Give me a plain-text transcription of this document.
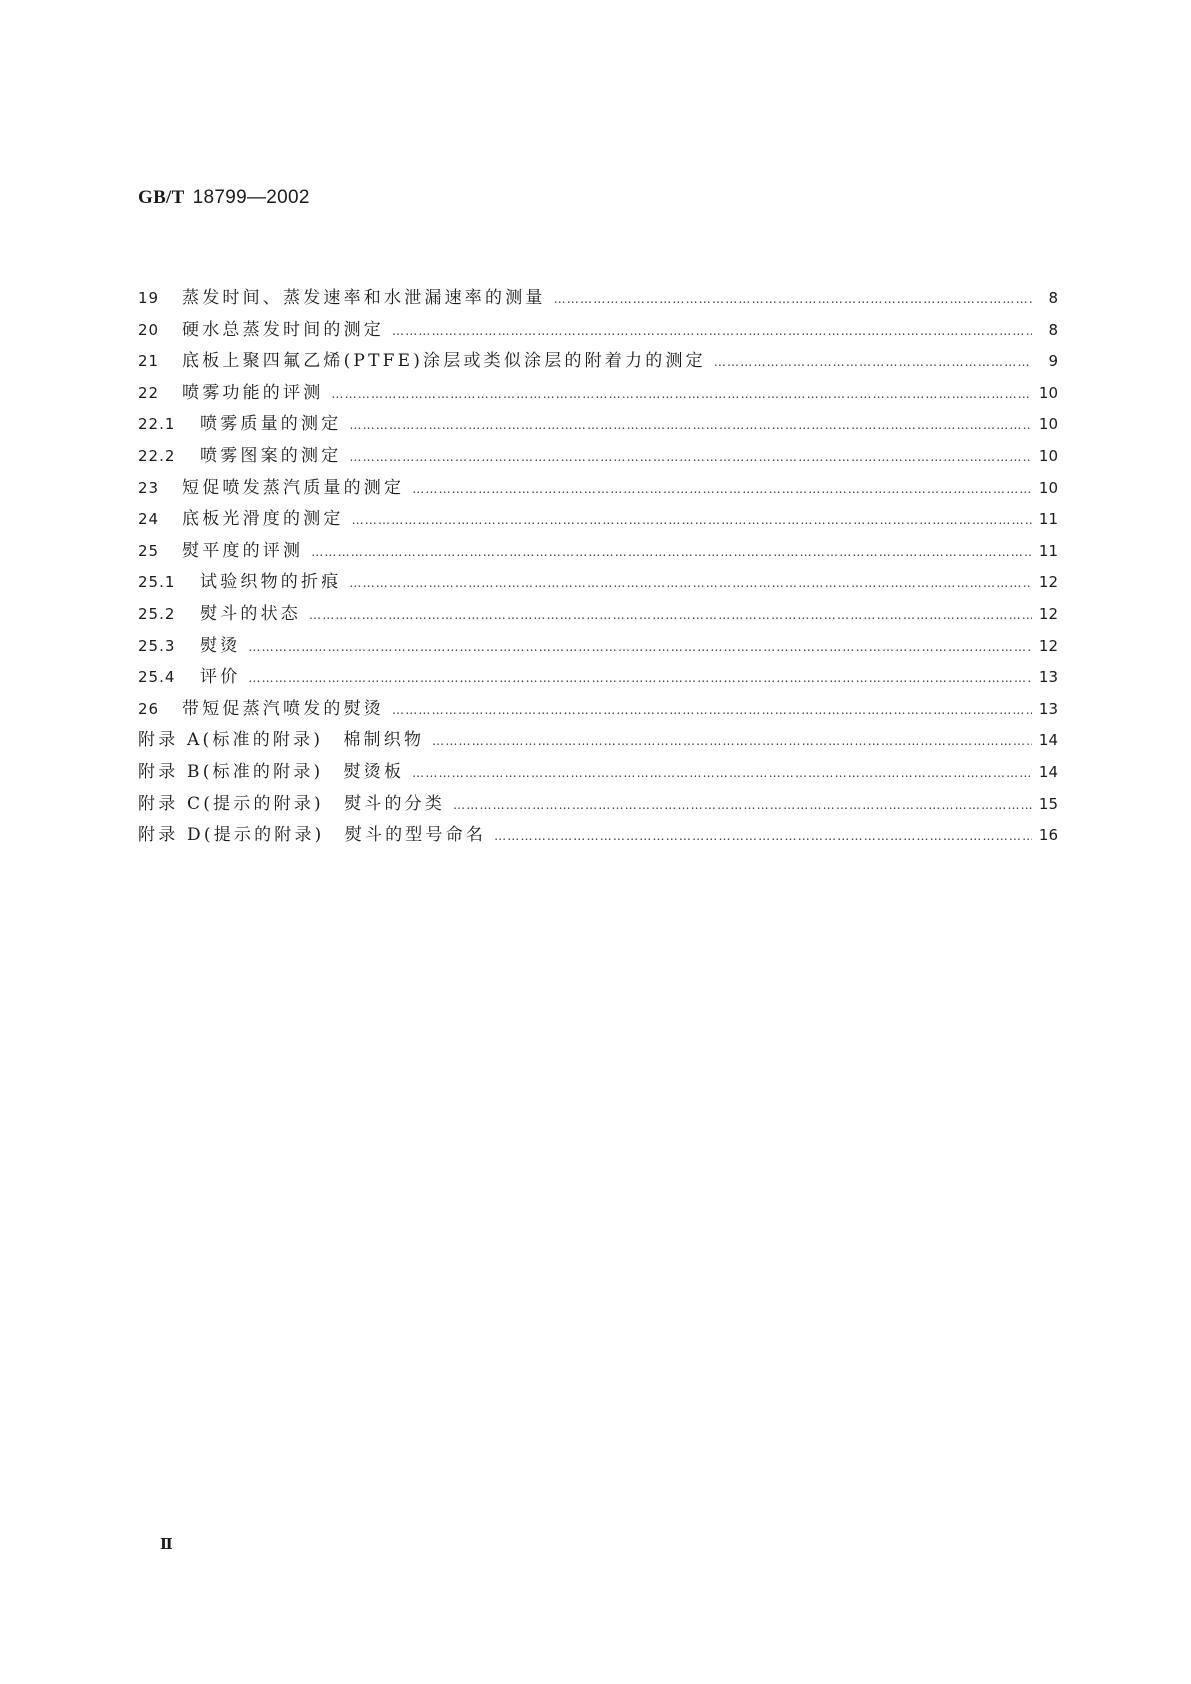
GB/T 18799—2002
19	蒸发时间、蒸发速率和水泄漏速率的测量 …………………………………………………………………………………………………………………………………………………………………………………………………………	8
20	硬水总蒸发时间的测定 …………………………………………………………………………………………………………………………………………………………………………………………………………	8
21	底板上聚四氟乙烯(PTFE)涂层或类似涂层的附着力的测定 …………………………………………………………………………………………………………………………………………………………………………………………………………	9
22	喷雾功能的评测 …………………………………………………………………………………………………………………………………………………………………………………………………………	10
22.1	喷雾质量的测定 …………………………………………………………………………………………………………………………………………………………………………………………………………	10
22.2	喷雾图案的测定 …………………………………………………………………………………………………………………………………………………………………………………………………………	10
23	短促喷发蒸汽质量的测定 …………………………………………………………………………………………………………………………………………………………………………………………………………	10
24	底板光滑度的测定 …………………………………………………………………………………………………………………………………………………………………………………………………………	11
25	熨平度的评测 …………………………………………………………………………………………………………………………………………………………………………………………………………	11
25.1	试验织物的折痕 …………………………………………………………………………………………………………………………………………………………………………………………………………	12
25.2	熨斗的状态 …………………………………………………………………………………………………………………………………………………………………………………………………………	12
25.3	熨烫 …………………………………………………………………………………………………………………………………………………………………………………………………………	12
25.4	评价 …………………………………………………………………………………………………………………………………………………………………………………………………………	13
26	带短促蒸汽喷发的熨烫 …………………………………………………………………………………………………………………………………………………………………………………………………………	13
附录 A(标准的附录)　棉制织物 …………………………………………………………………………………………………………………………………………………………………………………………………………	14
附录 B(标准的附录)　熨烫板 …………………………………………………………………………………………………………………………………………………………………………………………………………	14
附录 C(提示的附录)　熨斗的分类 …………………………………………………………………………………………………………………………………………………………………………………………………………	15
附录 D(提示的附录)　熨斗的型号命名 …………………………………………………………………………………………………………………………………………………………………………………………………………	16
Ⅱ
